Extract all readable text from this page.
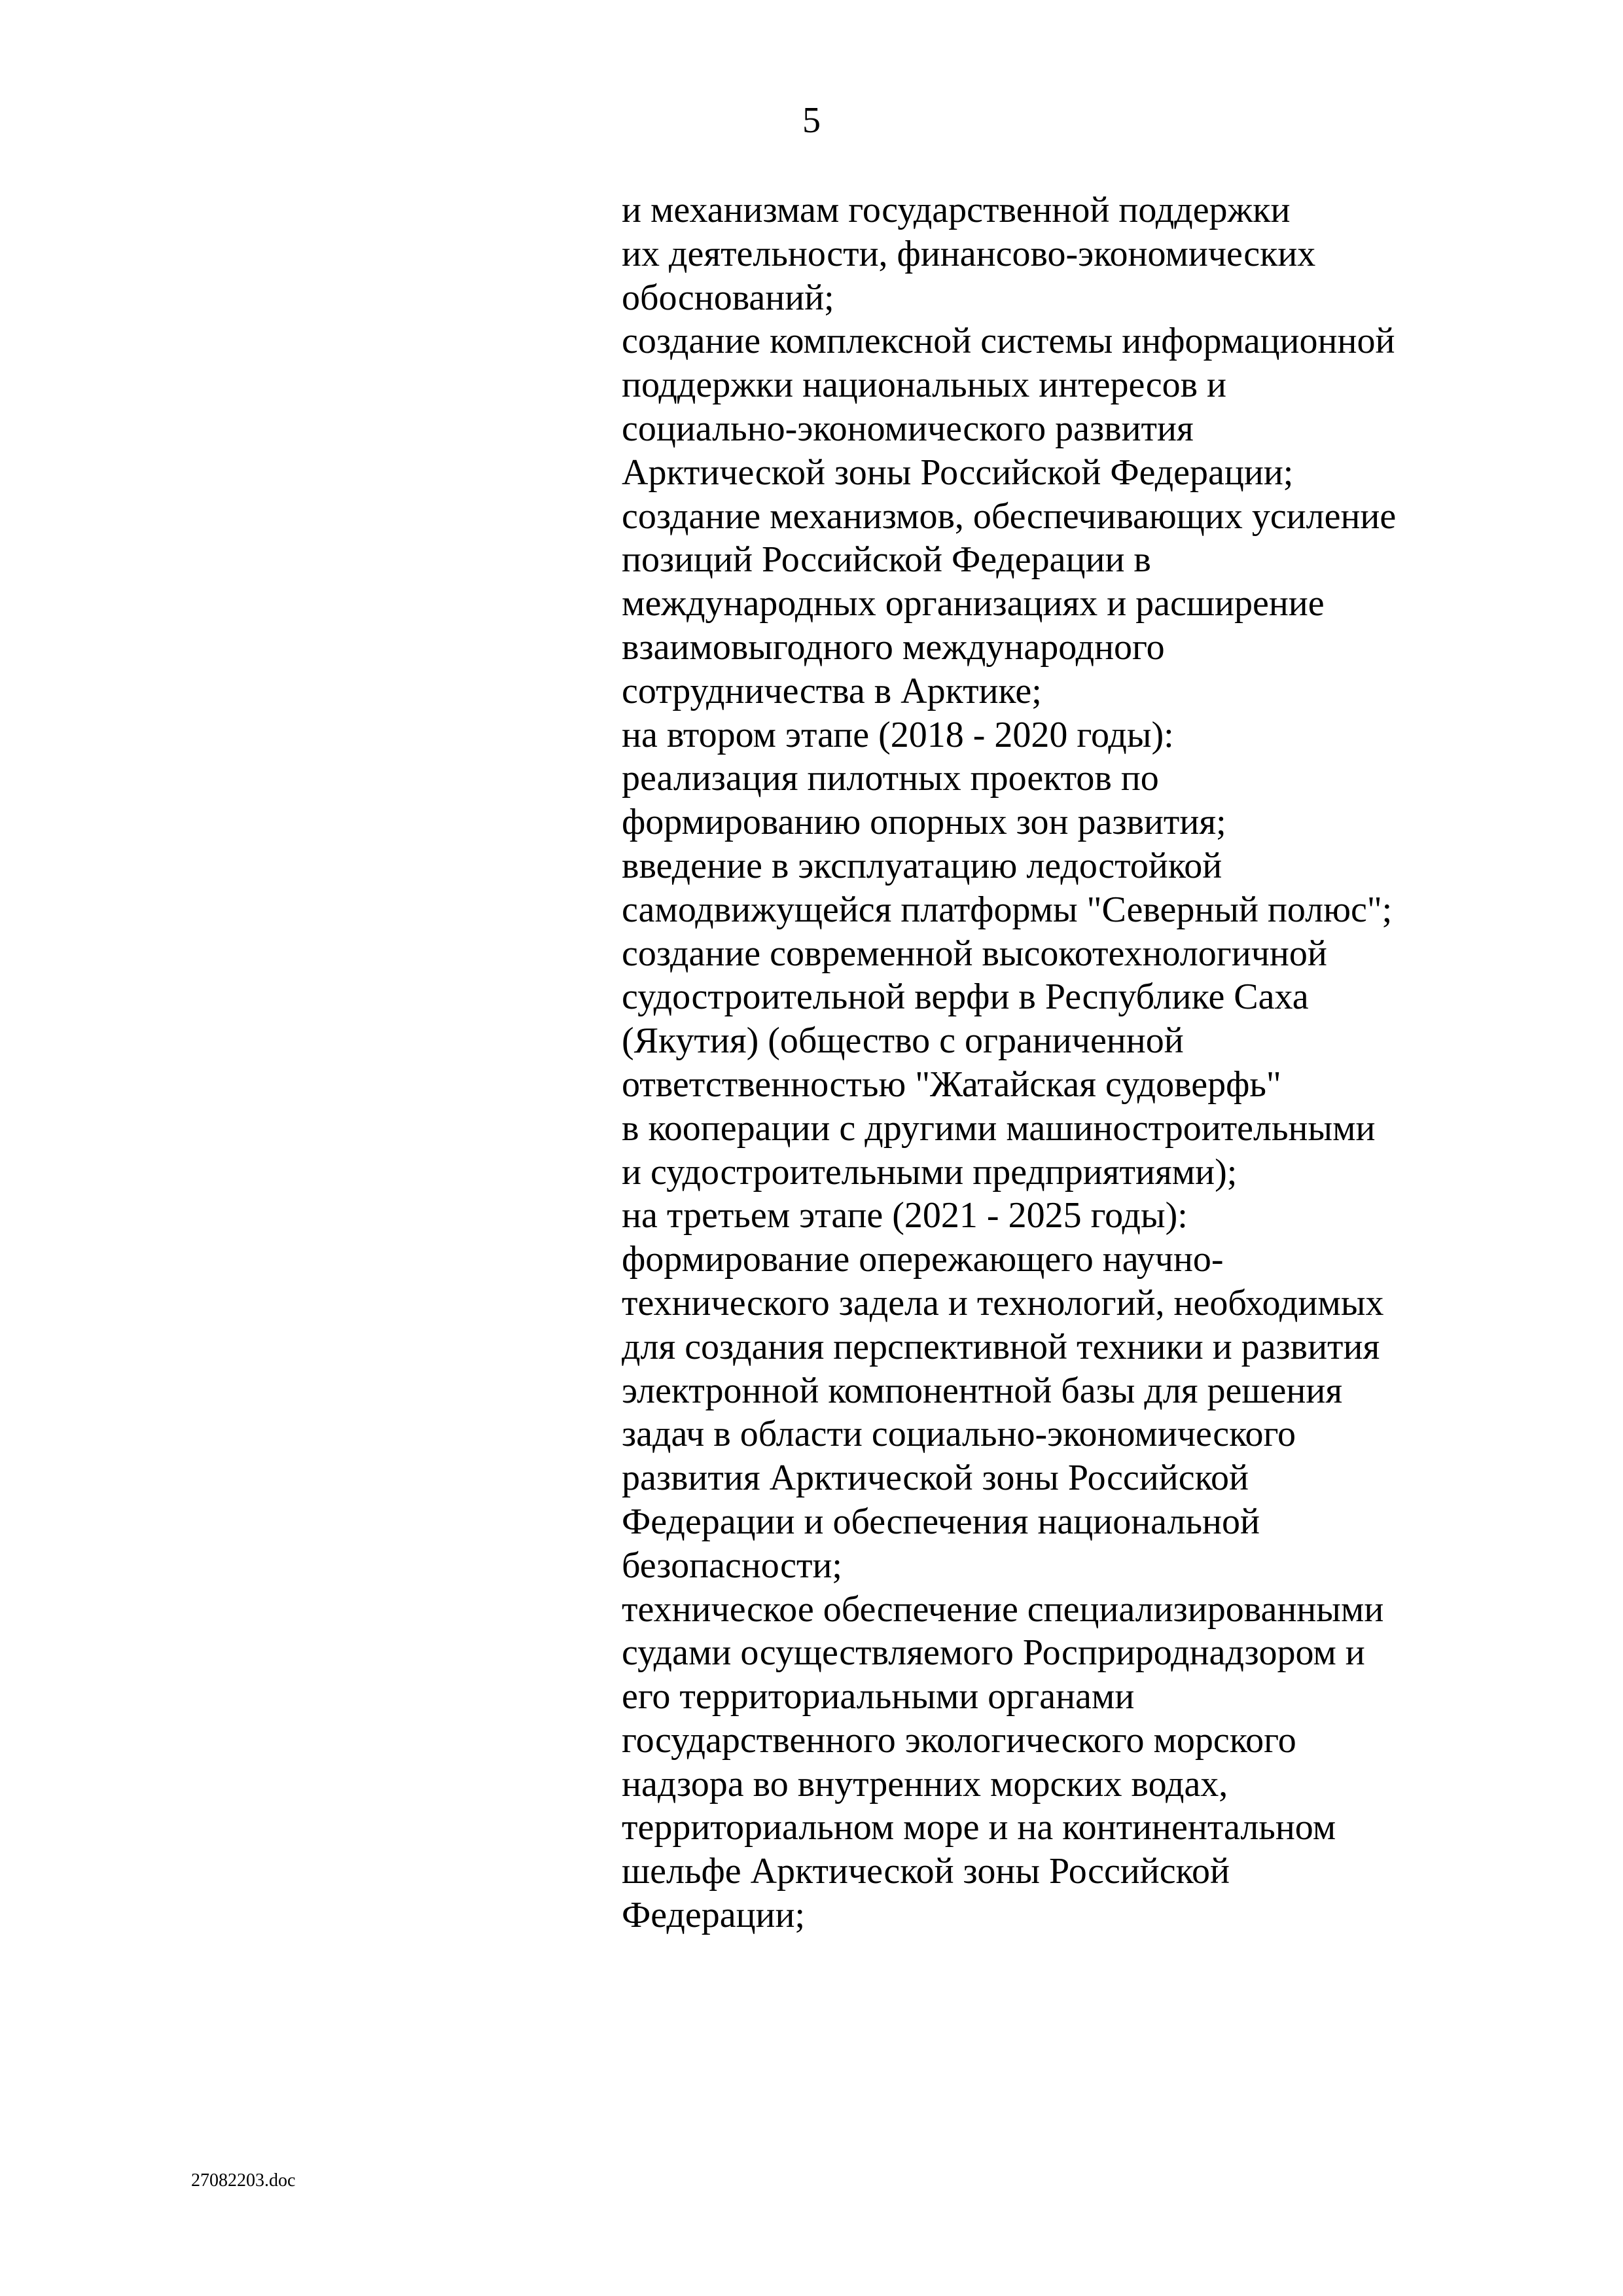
5
и механизмам государственной поддержки
их деятельности, финансово-экономических
обоснований;
создание комплексной системы информационной
поддержки национальных интересов и
социально-экономического развития
Арктической зоны Российской Федерации;
создание механизмов, обеспечивающих усиление
позиций Российской Федерации в
международных организациях и расширение
взаимовыгодного международного
сотрудничества в Арктике;
на втором этапе (2018 - 2020 годы):
реализация пилотных проектов по
формированию опорных зон развития;
введение в эксплуатацию ледостойкой
самодвижущейся платформы "Северный полюс";
создание современной высокотехнологичной
судостроительной верфи в Республике Саха
(Якутия) (общество с ограниченной
ответственностью "Жатайская судоверфь"
в кооперации с другими машиностроительными
и судостроительными предприятиями);
на третьем этапе (2021 - 2025 годы):
формирование опережающего научно-
технического задела и технологий, необходимых
для создания перспективной техники и развития
электронной компонентной базы для решения
задач в области социально-экономического
развития Арктической зоны Российской
Федерации и обеспечения национальной
безопасности;
техническое обеспечение специализированными
судами осуществляемого Росприроднадзором и
его территориальными органами
государственного экологического морского
надзора во внутренних морских водах,
территориальном море и на континентальном
шельфе Арктической зоны Российской
Федерации;
27082203.doc
